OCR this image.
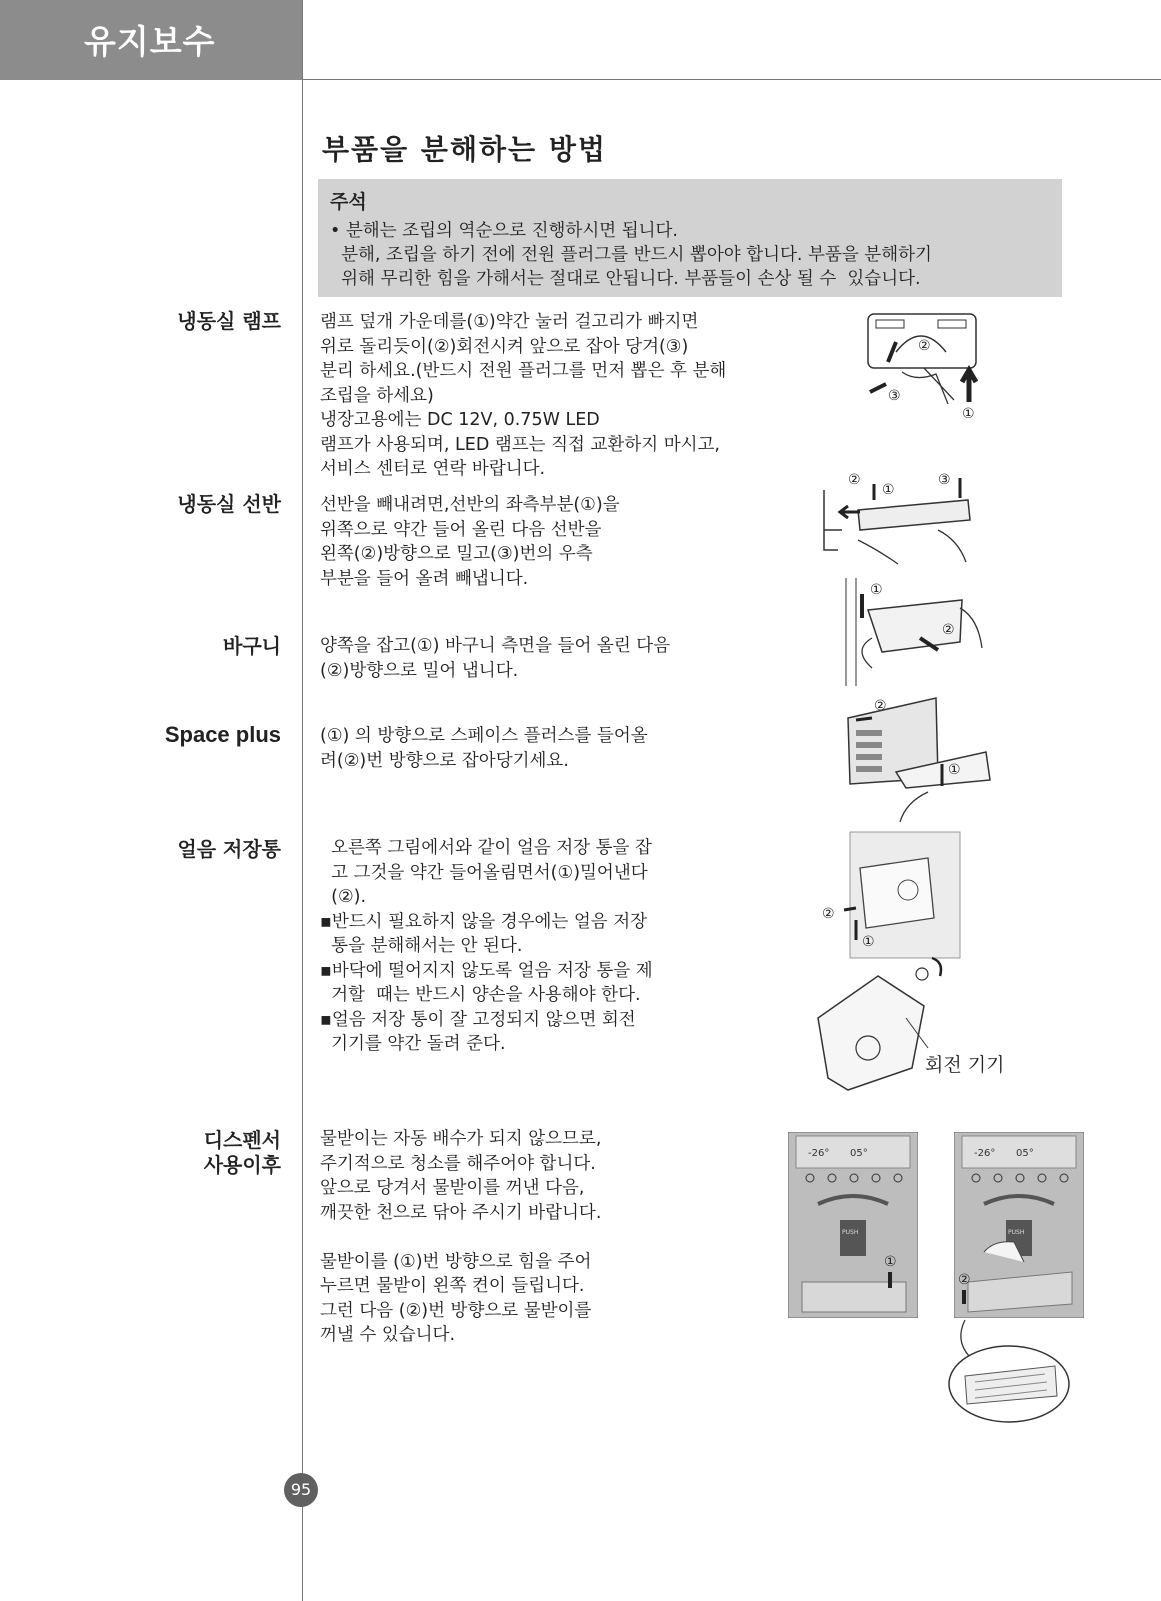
유지보수
부품을 분해하는 방법
주석
• 분해는 조립의 역순으로 진행하시면 됩니다.
분해, 조립을 하기 전에 전원 플러그를 반드시 뽑아야 합니다. 부품을 분해하기
위해 무리한 힘을 가해서는 절대로 안됩니다. 부품들이 손상 될 수  있습니다.
냉동실 램프
냉동실 선반
바구니
Space plus
얼음 저장통
디스펜서
사용이후
램프 덮개 가운데를(①)약간 눌러 걸고리가 빠지면
위로 돌리듯이(②)회전시켜 앞으로 잡아 당겨(③)
분리 하세요.(반드시 전원 플러그를 먼저 뽑은 후 분해
조립을 하세요)
냉장고용에는 DC 12V, 0.75W LED
램프가 사용되며, LED 램프는 직접 교환하지 마시고,
서비스 센터로 연락 바랍니다.
선반을 빼내려면,선반의 좌측부분(①)을
위쪽으로 약간 들어 올린 다음 선반을
왼쪽(②)방향으로 밀고(③)번의 우측
부분을 들어 올려 빼냅니다.
양쪽을 잡고(①) 바구니 측면을 들어 올린 다음
(②)방향으로 밀어 냅니다.
(①) 의 방향으로 스페이스 플러스를 들어올
려(②)번 방향으로 잡아당기세요.
오른쪽 그림에서와 같이 얼음 저장 통을 잡
고 그것을 약간 들어올림면서(①)밀어낸다
(②).
▪반드시 필요하지 않을 경우에는 얼음 저장
통을 분해해서는 안 된다.
▪바닥에 떨어지지 않도록 얼음 저장 통을 제
거할  때는 반드시 양손을 사용해야 한다.
▪얼음 저장 통이 잘 고정되지 않으면 회전
기기를 약간 돌려 준다.
물받이는 자동 배수가 되지 않으므로,
주기적으로 청소를 해주어야 합니다.
앞으로 당겨서 물받이를 꺼낸 다음,
깨끗한 천으로 닦아 주시기 바랍니다.

물받이를 (①)번 방향으로 힘을 주어
누르면 물받이 왼쪽 켠이 들립니다.
그런 다음 (②)번 방향으로 물받이를
꺼낼 수 있습니다.
②
③
①
②
①
③
①
②
②
①
②
①
회전 기기
-26° 05°
PUSH
①
-26° 05°
PUSH
②
95
